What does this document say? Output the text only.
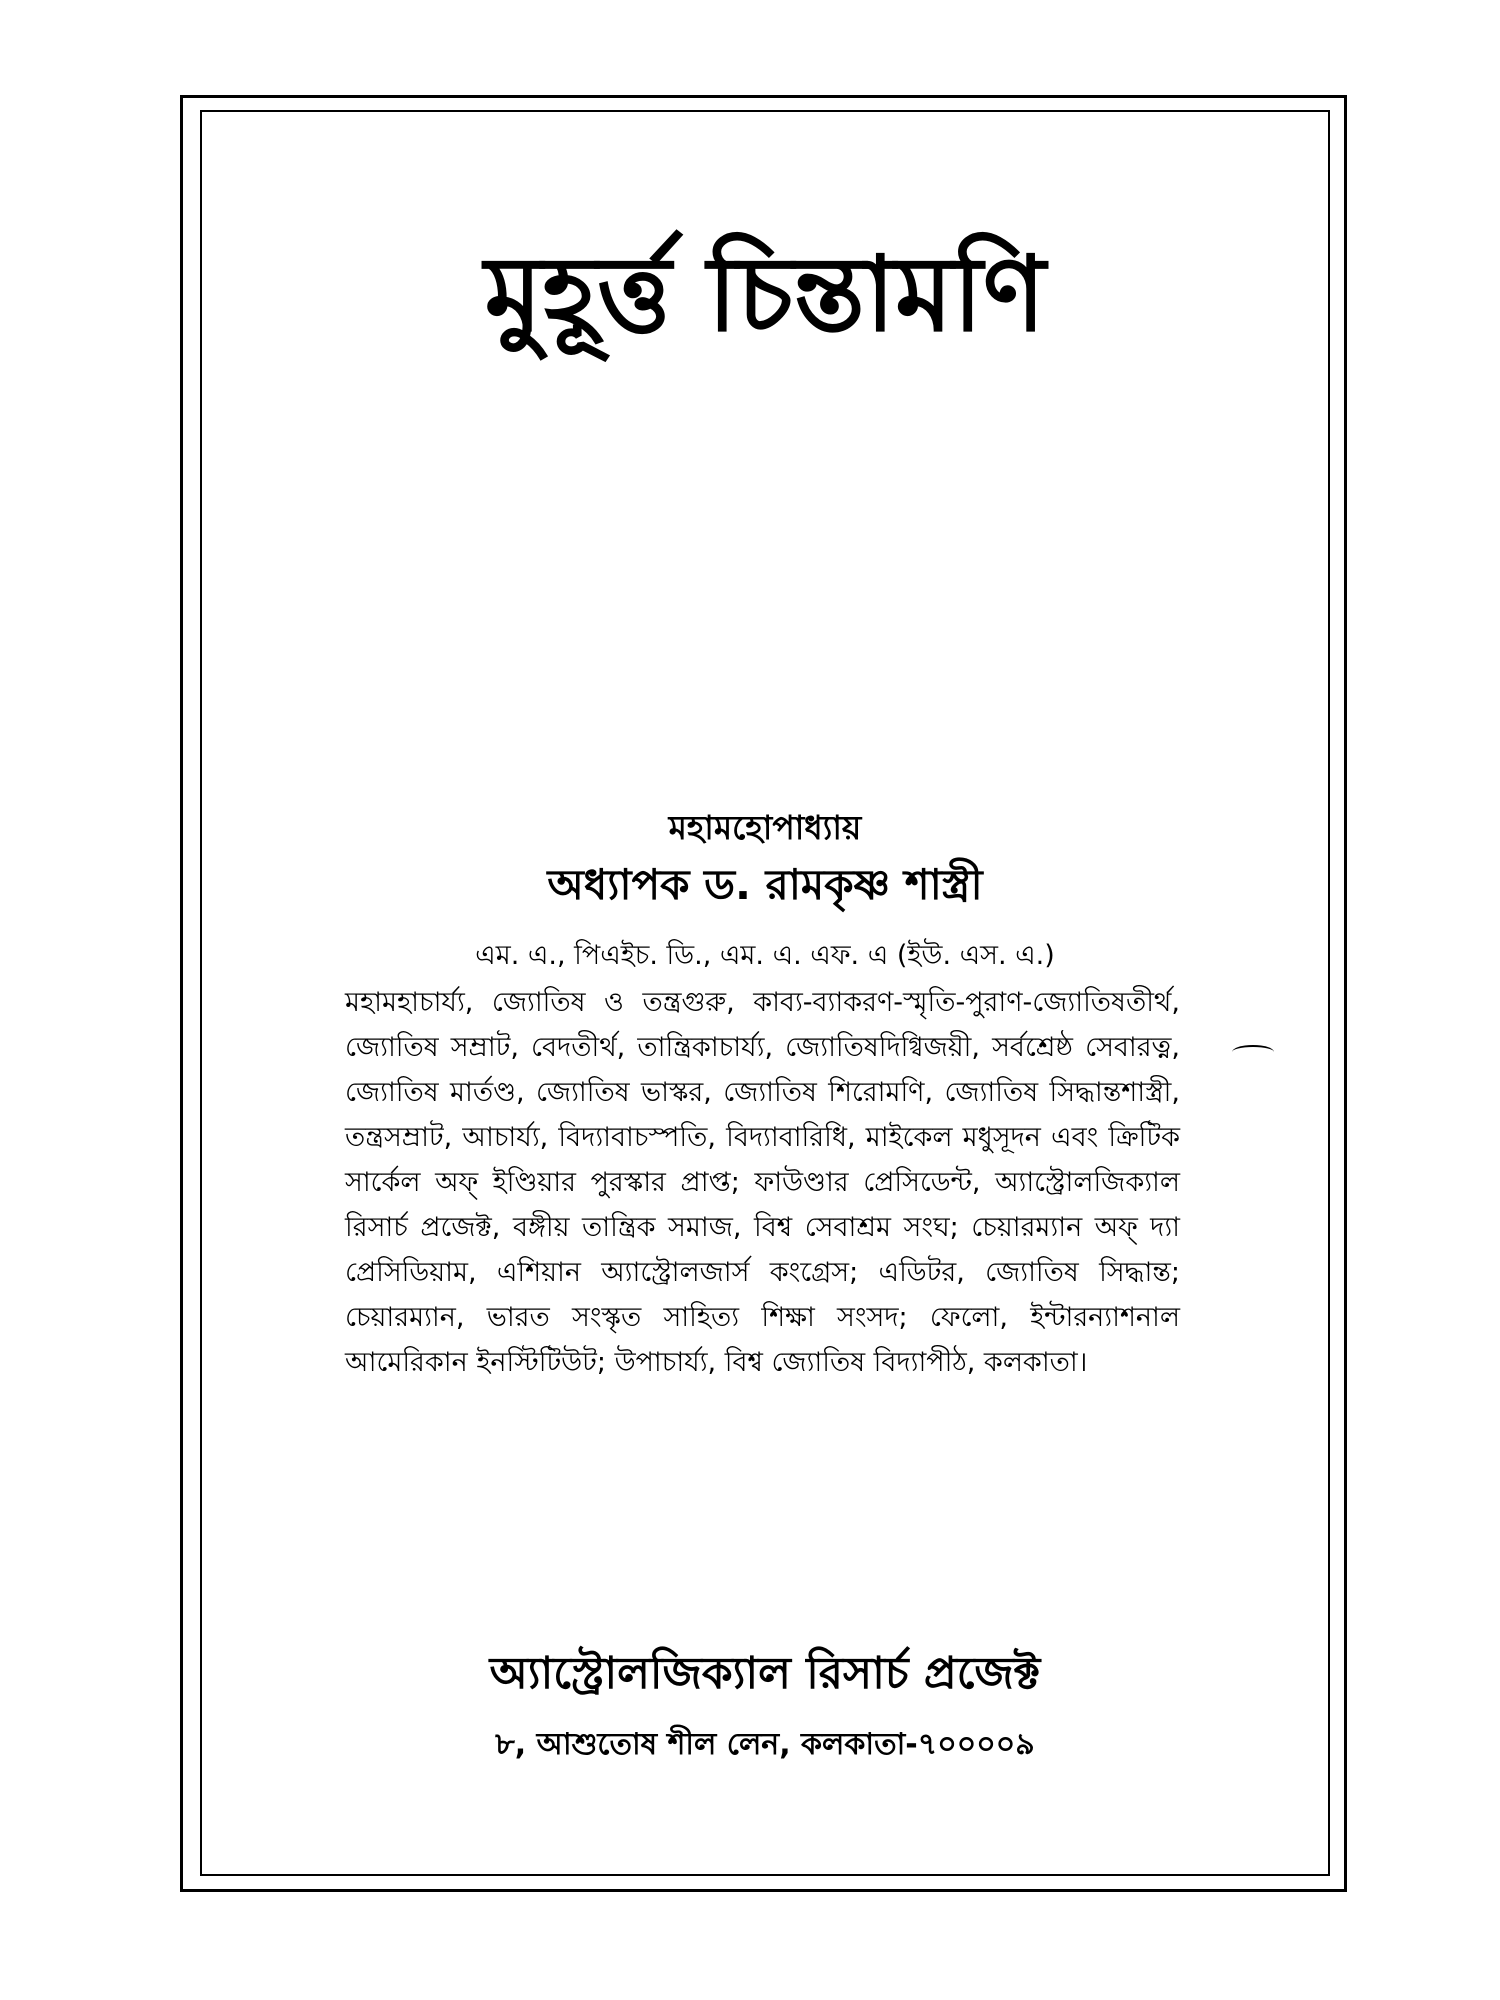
মুহূর্ত্ত চিন্তামণি
মহামহোপাধ্যায়
অধ্যাপক ড. রামকৃষ্ণ শাস্ত্রী
এম. এ., পিএইচ. ডি., এম. এ. এফ. এ (ইউ. এস. এ.)
মহামহাচার্য্য, জ্যোতিষ ও তন্ত্রগুরু, কাব্য-ব্যাকরণ-স্মৃতি-পুরাণ-জ্যোতিষতীর্থ, জ্যোতিষ সম্রাট, বেদতীর্থ, তান্ত্রিকাচার্য্য, জ্যোতিষদিগ্বিজয়ী, সর্বশ্রেষ্ঠ সেবারত্ন, জ্যোতিষ মার্তণ্ড, জ্যোতিষ ভাস্কর, জ্যোতিষ শিরোমণি, জ্যোতিষ সিদ্ধান্তশাস্ত্রী, তন্ত্রসম্রাট, আচার্য্য, বিদ্যাবাচস্পতি, বিদ্যাবারিধি, মাইকেল মধুসূদন এবং ক্রিটিক সার্কেল অফ্ ইণ্ডিয়ার পুরস্কার প্রাপ্ত; ফাউণ্ডার প্রেসিডেন্ট, অ্যাস্ট্রোলজিক্যাল রিসার্চ প্রজেক্ট, বঙ্গীয় তান্ত্রিক সমাজ, বিশ্ব সেবাশ্রম সংঘ; চেয়ারম্যান অফ্ দ্যা প্রেসিডিয়াম, এশিয়ান অ্যাস্ট্রোলজার্স কংগ্রেস; এডিটর, জ্যোতিষ সিদ্ধান্ত; চেয়ারম্যান, ভারত সংস্কৃত সাহিত্য শিক্ষা সংসদ; ফেলো, ইন্টারন্যাশনাল আমেরিকান ইনস্টিটিউট; উপাচার্য্য, বিশ্ব জ্যোতিষ বিদ্যাপীঠ, কলকাতা।
অ্যাস্ট্রোলজিক্যাল রিসার্চ প্রজেক্ট
৮, আশুতোষ শীল লেন, কলকাতা-৭০০০০৯
